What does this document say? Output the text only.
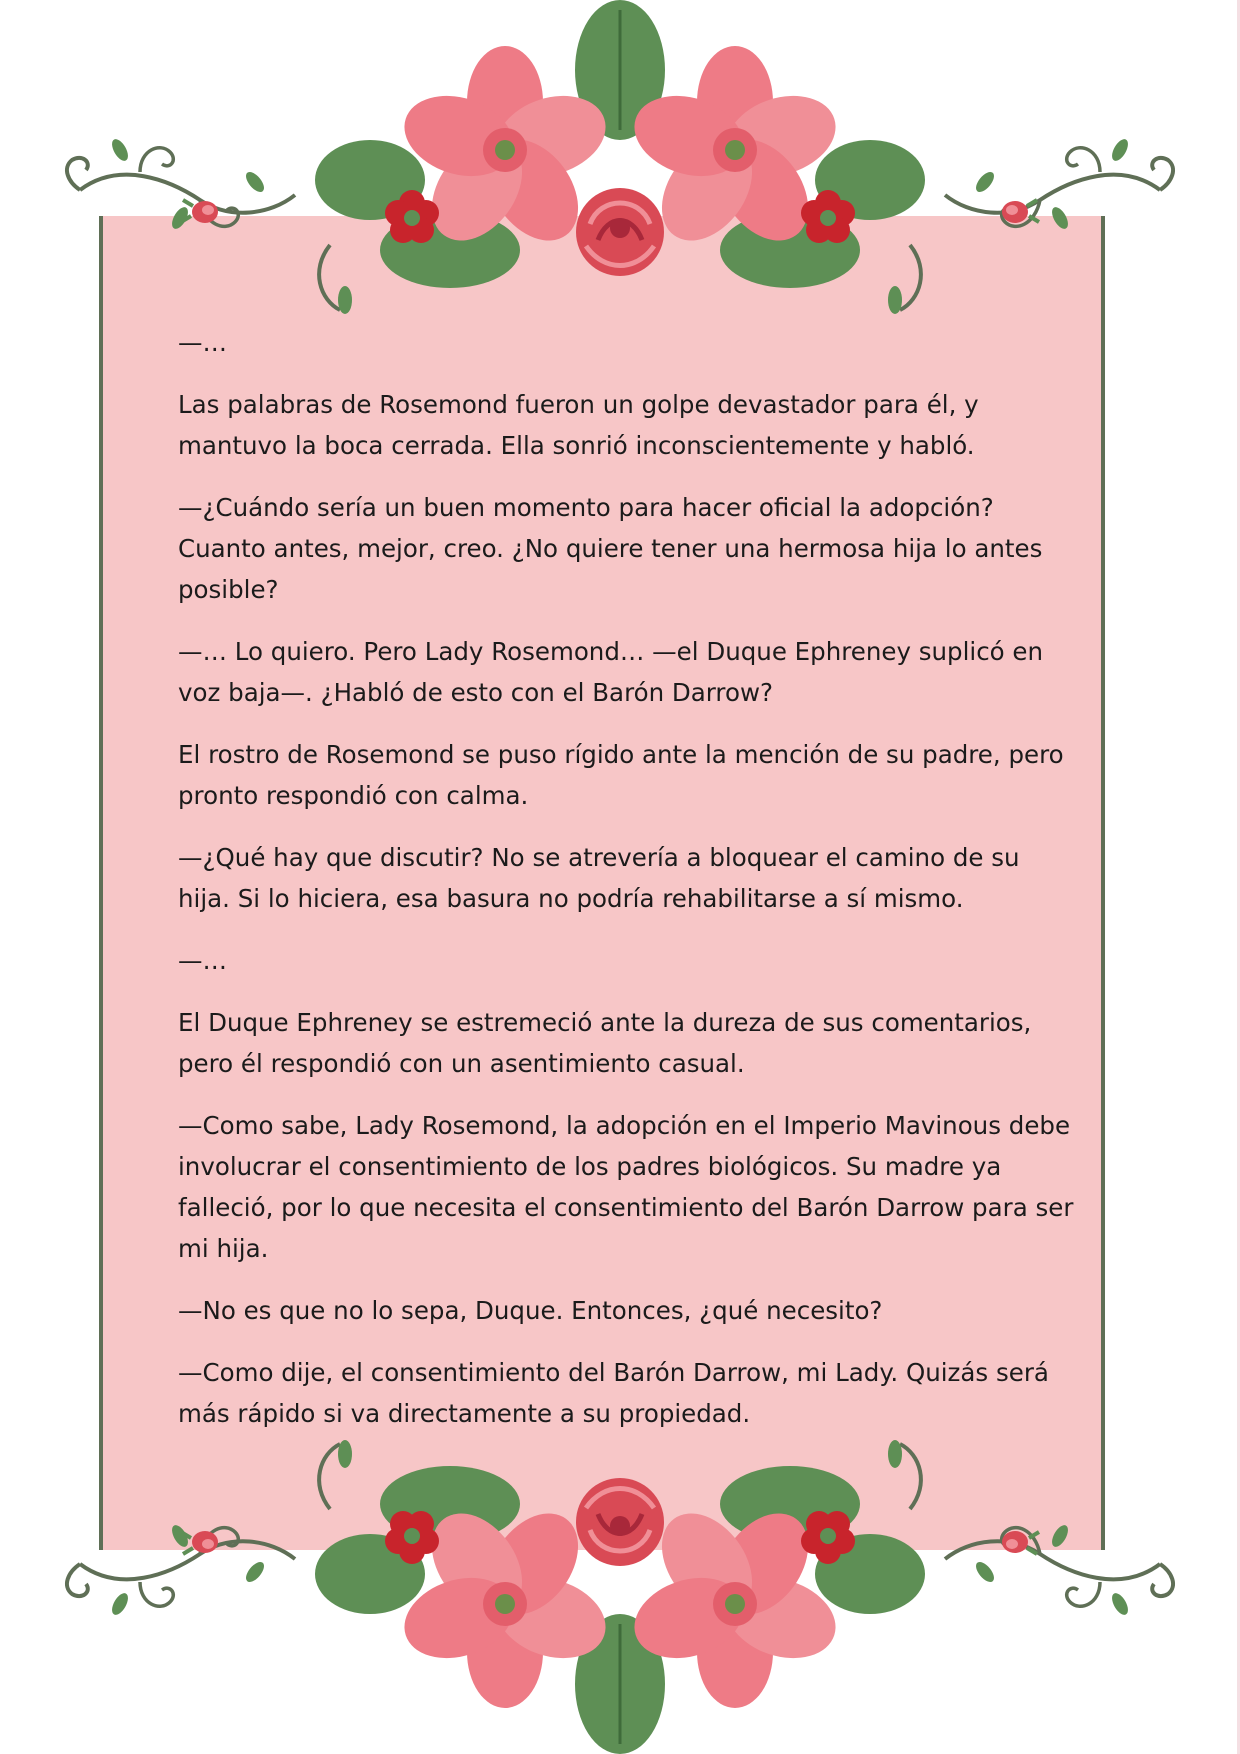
—…

Las palabras de Rosemond fueron un golpe devastador para él, y mantuvo la boca cerrada. Ella sonrió inconscientemente y habló.

—¿Cuándo sería un buen momento para hacer oficial la adopción? Cuanto antes, mejor, creo. ¿No quiere tener una hermosa hija lo antes posible?

—… Lo quiero. Pero Lady Rosemond… —el Duque Ephreney suplicó en voz baja—. ¿Habló de esto con el Barón Darrow?

El rostro de Rosemond se puso rígido ante la mención de su padre, pero pronto respondió con calma.

—¿Qué hay que discutir? No se atrevería a bloquear el camino de su hija. Si lo hiciera, esa basura no podría rehabilitarse a sí mismo.

—…

El Duque Ephreney se estremeció ante la dureza de sus comentarios, pero él respondió con un asentimiento casual.

—Como sabe, Lady Rosemond, la adopción en el Imperio Mavinous debe involucrar el consentimiento de los padres biológicos. Su madre ya falleció, por lo que necesita el consentimiento del Barón Darrow para ser mi hija.

—No es que no lo sepa, Duque. Entonces, ¿qué necesito?

—Como dije, el consentimiento del Barón Darrow, mi Lady. Quizás será más rápido si va directamente a su propiedad.
